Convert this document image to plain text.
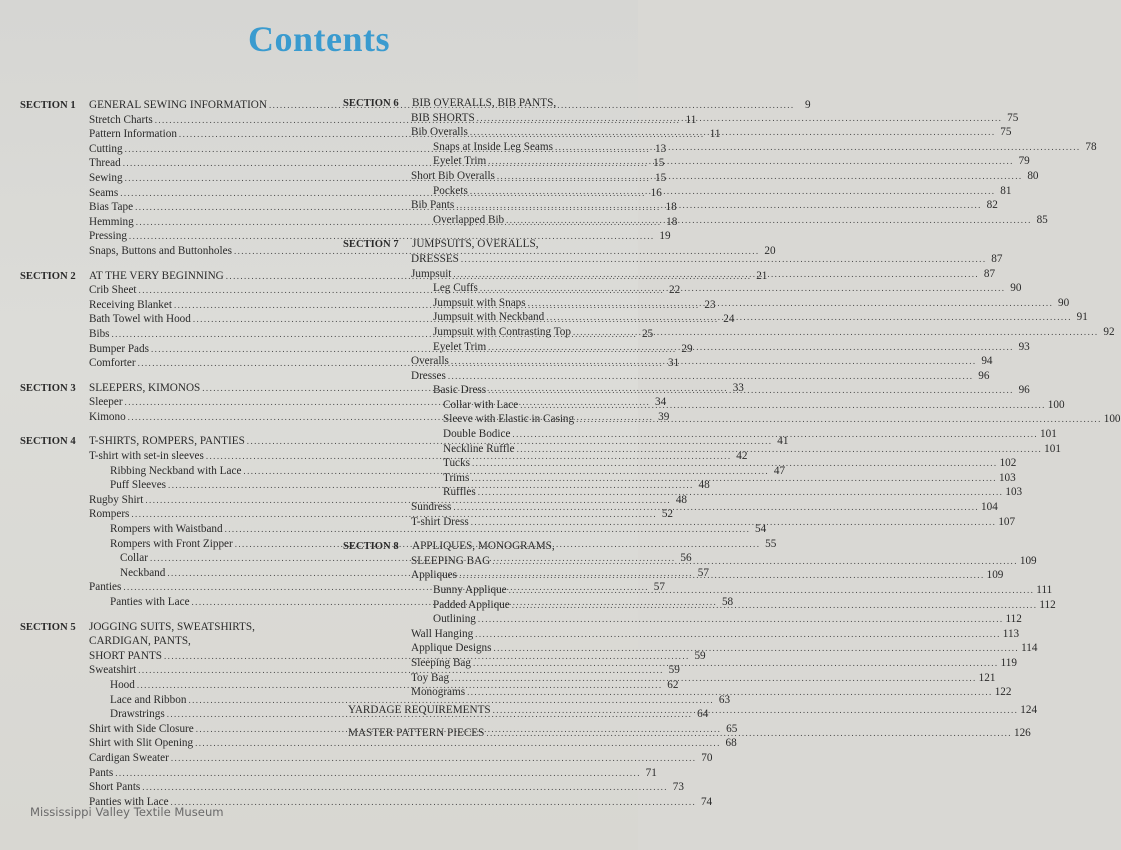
Contents
SECTION 1	GENERAL SEWING INFORMATION .....	9
Stretch Charts .....	11
Pattern Information .....	11
Cutting .....	13
Thread .....	15
Sewing .....	15
Seams .....	16
Bias Tape .....	18
Hemming .....	18
Pressing .....	19
Snaps, Buttons and Buttonholes .....	20
SECTION 2	AT THE VERY BEGINNING .....	21
Crib Sheet .....	22
Receiving Blanket .....	23
Bath Towel with Hood .....	24
Bibs .....	25
Bumper Pads .....	29
Comforter .....	31
SECTION 3	SLEEPERS, KIMONOS .....	33
Sleeper .....	34
Kimono .....	39
SECTION 4	T-SHIRTS, ROMPERS, PANTIES .....	41
T-shirt with set-in sleeves .....	42
Ribbing Neckband with Lace .....	47
Puff Sleeves .....	48
Rugby Shirt .....	48
Rompers .....	52
Rompers with Waistband .....	54
Rompers with Front Zipper .....	55
Collar .....	56
Neckband .....	57
Panties .....	57
Panties with Lace .....	58
SECTION 5	JOGGING SUITS, SWEATSHIRTS,
CARDIGAN, PANTS,
SHORT PANTS .....	59
Sweatshirt .....	59
Hood .....	62
Lace and Ribbon .....	63
Drawstrings .....	64
Shirt with Side Closure .....	65
Shirt with Slit Opening .....	68
Cardigan Sweater .....	70
Pants .....	71
Short Pants .....	73
Panties with Lace .....	74
SECTION 6	BIB OVERALLS, BIB PANTS,
BIB SHORTS .....	75
Bib Overalls .....	75
Snaps at Inside Leg Seams .....	78
Eyelet Trim .....	79
Short Bib Overalls .....	80
Pockets .....	81
Bib Pants .....	82
Overlapped Bib .....	85
SECTION 7	JUMPSUITS, OVERALLS,
DRESSES .....	87
Jumpsuit .....	87
Leg Cuffs .....	90
Jumpsuit with Snaps .....	90
Jumpsuit with Neckband .....	91
Jumpsuit with Contrasting Top .....	92
Eyelet Trim .....	93
Overalls .....	94
Dresses .....	96
Basic Dress .....	96
Collar with Lace .....	100
Sleeve with Elastic in Casing .....	100
Double Bodice .....	101
Neckline Ruffle .....	101
Tucks .....	102
Trims .....	103
Ruffles .....	103
Sundress .....	104
T-shirt Dress .....	107
SECTION 8	APPLIQUES, MONOGRAMS,
SLEEPING BAG .....	109
Appliques .....	109
Bunny Applique .....	111
Padded Applique .....	112
Outlining .....	112
Wall Hanging .....	113
Applique Designs .....	114
Sleeping Bag .....	119
Toy Bag .....	121
Monograms .....	122
YARDAGE REQUIREMENTS .....	124
MASTER PATTERN PIECES .....	126
Mississippi Valley Textile Museum
